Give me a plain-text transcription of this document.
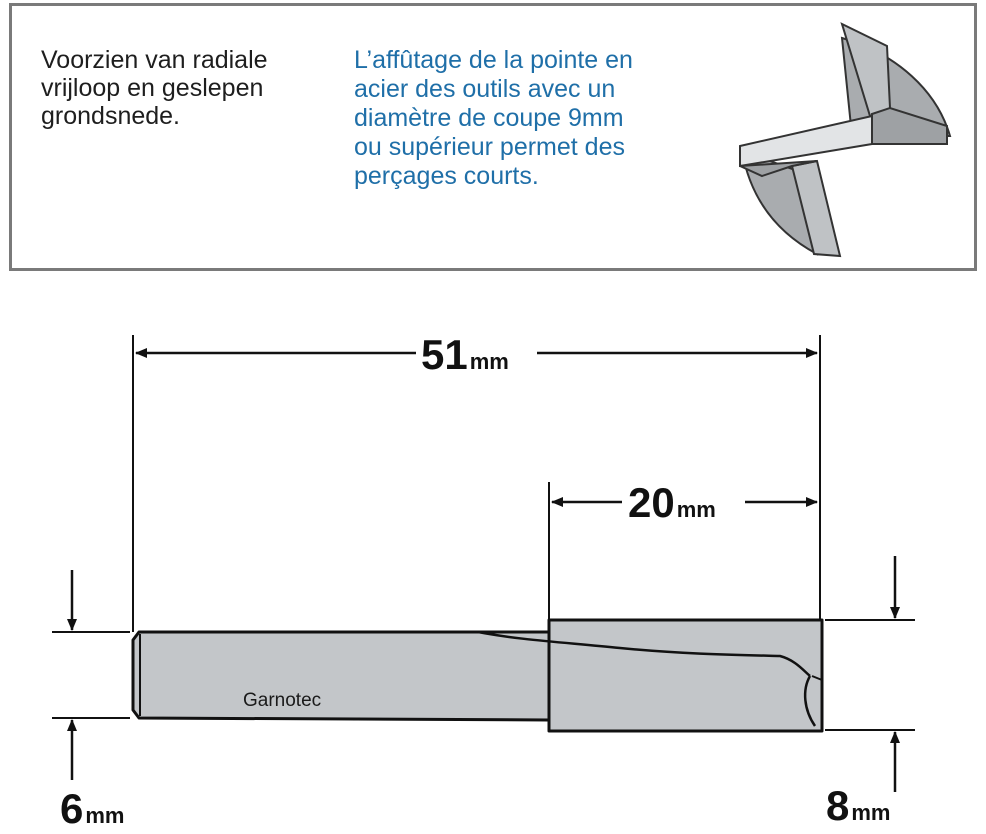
Voorzien van radiale
vrijloop en geslepen
grondsnede.
L’affûtage de la pointe en
acier des outils avec un
diamètre de coupe 9mm
ou supérieur permet des
perçages courts.
51mm
20mm
6mm	8mm
Garnotec
